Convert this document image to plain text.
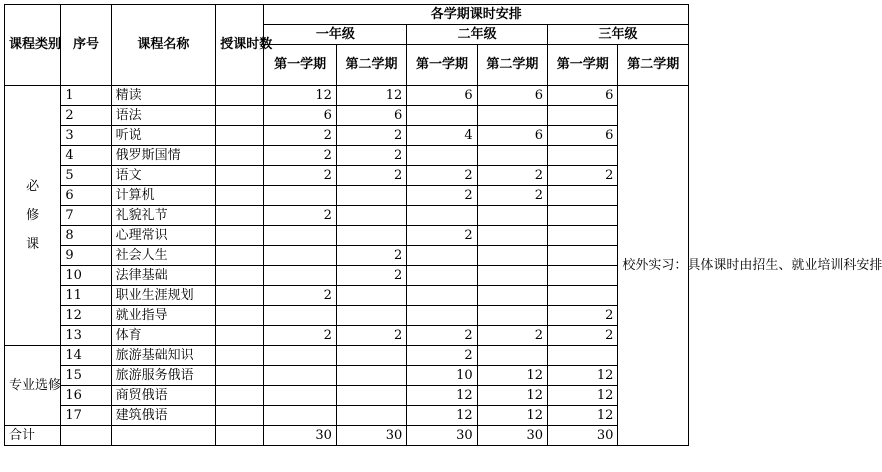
课程类别	序号	课程名称	授课时数	各学期课时安排					
				一年级		二年级		三年级	
				第一学期	第二学期	第一学期	第二学期	第一学期	第二学期

必
修
课	1	精读		12	12	6	6	6	校外实习：具体课时由招生、就业培训科安排
	2	语法		6	6				
	3	听说		2	2	4	6	6	
	4	俄罗斯国情		2	2				
	5	语文		2	2	2	2	2	
	6	计算机				2	2		
	7	礼貌礼节		2					
	8	心理常识				2			
	9	社会人生			2				
	10	法律基础			2				
	11	职业生涯规划		2					
	12	就业指导						2	
	13	体育		2	2	2	2	2	
专业选修	14	旅游基础知识				2			
	15	旅游服务俄语				10	12	12	
	16	商贸俄语				12	12	12	
	17	建筑俄语				12	12	12	
合计				30	30	30	30	30	
